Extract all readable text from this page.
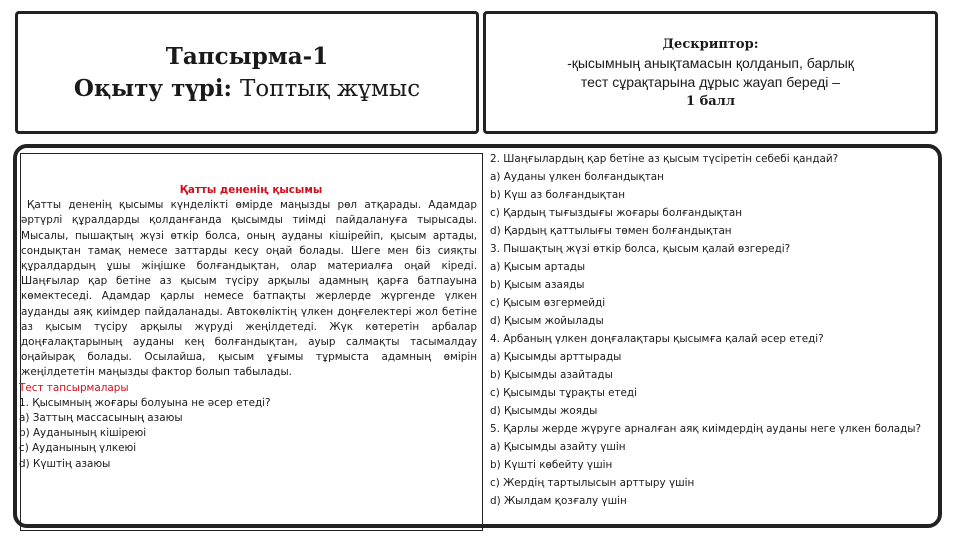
Тапсырма-1
Оқыту түрі: Топтық жұмыс
Дескриптор:
-қысымның анықтамасын қолданып, барлық
тест сұрақтарына дұрыс жауап береді –
1 балл
Қатты дененің қысымы
Қатты дененің қысымы күнделікті өмірде маңызды рөл атқарады. Адамдар әртүрлі құралдарды қолданғанда қысымды тиімді пайдалануға тырысады. Мысалы, пышақтың жүзі өткір болса, оның ауданы кішірейіп, қысым артады, сондықтан тамақ немесе заттарды кесу оңай болады. Шеге мен біз сияқты құралдардың ұшы жіңішке болғандықтан, олар материалға оңай кіреді. Шаңғылар қар бетіне аз қысым түсіру арқылы адамның қарға батпауына көмектеседі. Адамдар қарлы немесе батпақты жерлерде жүргенде үлкен ауданды аяқ киімдер пайдаланады. Автокөліктің үлкен доңғелектері жол бетіне аз қысым түсіру арқылы жүруді жеңілдетеді. Жүк көтеретін арбалар доңғалақтарының ауданы кең болғандықтан, ауыр салмақты тасымалдау оңайырақ болады. Осылайша, қысым ұғымы тұрмыста адамның өмірін жеңілдететін маңызды фактор болып табылады.
Тест тапсырмалары
1. Қысымның жоғары болуына не әсер етеді?
a) Заттың массасының азаюы
b) Ауданының кішіреюі
c) Ауданының үлкеюі
d) Күштің азаюы
2. Шаңғылардың қар бетіне аз қысым түсіретін себебі қандай?
a) Ауданы үлкен болғандықтан
b) Күш аз болғандықтан
c) Қардың тығыздығы жоғары болғандықтан
d) Қардың қаттылығы төмен болғандықтан
3. Пышақтың жүзі өткір болса, қысым қалай өзгереді?
a) Қысым артады
b) Қысым азаяды
c) Қысым өзгермейді
d) Қысым жойылады
4. Арбаның үлкен доңғалақтары қысымға қалай әсер етеді?
a) Қысымды арттырады
b) Қысымды азайтады
c) Қысымды тұрақты етеді
d) Қысымды жояды
5. Қарлы жерде жүруге арналған аяқ киімдердің ауданы неге үлкен болады?
a) Қысымды азайту үшін
b) Күшті көбейту үшін
c) Жердің тартылысын арттыру үшін
d) Жылдам қозғалу үшін
